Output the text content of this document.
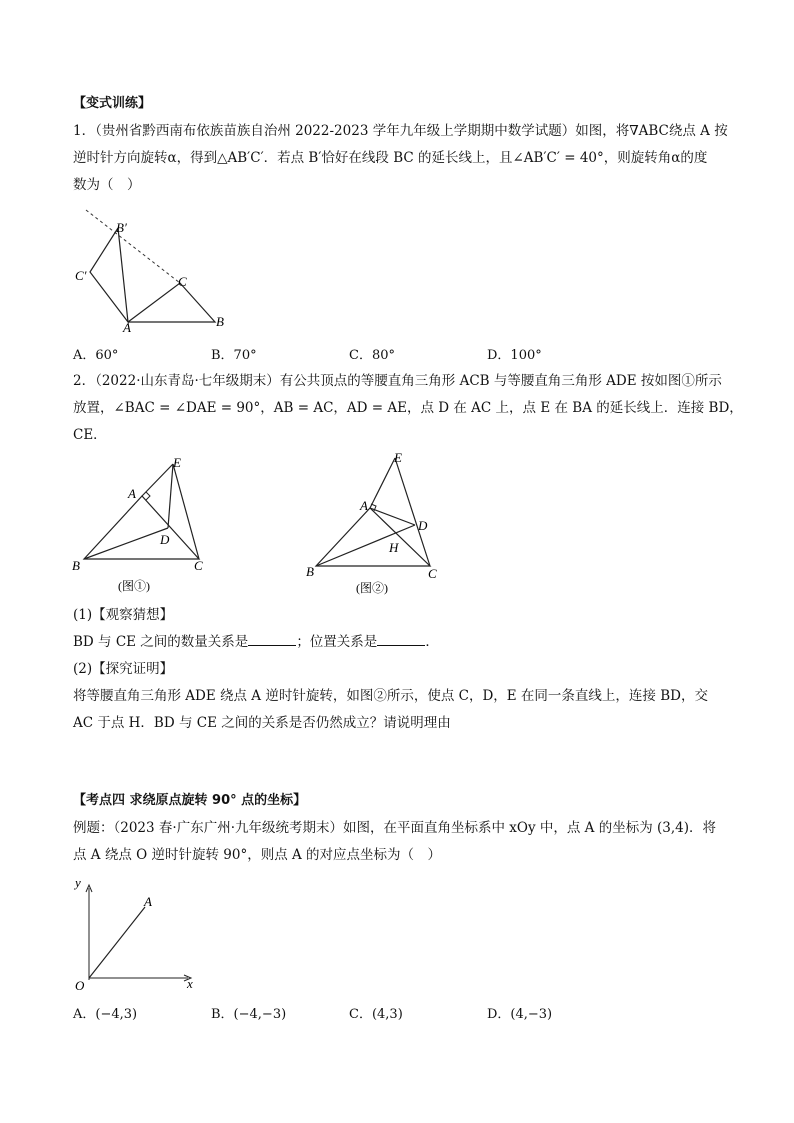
【变式训练】
1．（贵州省黔西南布依族苗族自治州 2022-2023 学年九年级上学期期中数学试题）如图，将∇ABC绕点 A 按
逆时针方向旋转α，得到△AB′C′．若点 B′恰好在线段 BC 的延长线上，且∠AB′C′ = 40°，则旋转角α的度
数为（　）
B′
C′	C
A	B
A．60°	B．70°	C．80°	D．100°
2．（2022·山东青岛·七年级期末）有公共顶点的等腰直角三角形 ACB 与等腰直角三角形 ADE 按如图①所示
放置，∠BAC = ∠DAE = 90°，AB = AC，AD = AE，点 D 在 AC 上，点 E 在 BA 的延长线上．连接 BD，
CE．
E
A
D
B	C
(图①)
E
A
D
H
B	C
(图②)
(1)【观察猜想】
BD 与 CE 之间的数量关系是	；位置关系是	．
(2)【探究证明】
将等腰直角三角形 ADE 绕点 A 逆时针旋转，如图②所示，使点 C，D，E 在同一条直线上，连接 BD，交
AC 于点 H．BD 与 CE 之间的关系是否仍然成立？请说明理由
【考点四 求绕原点旋转 90° 点的坐标】
例题：（2023 春·广东广州·九年级统考期末）如图，在平面直角坐标系中 xOy 中，点 A 的坐标为 (3,4)．将
点 A 绕点 O 逆时针旋转 90°，则点 A 的对应点坐标为（　）
y
x
O
A
A．(−4,3)	B．(−4,−3)	C．(4,3)	D．(4,−3)
